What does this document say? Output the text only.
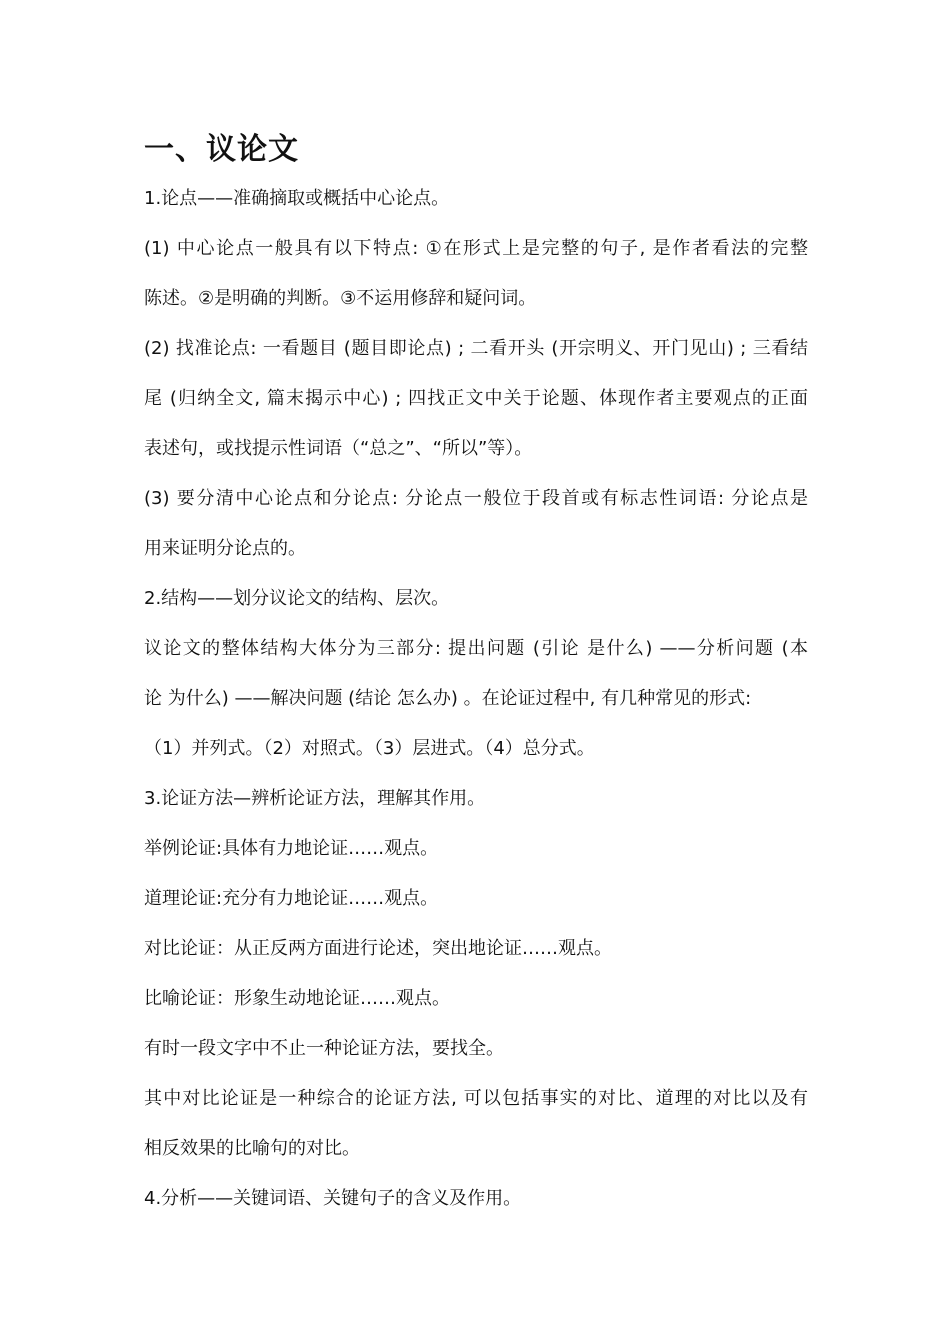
一、议论文
1.论点——准确摘取或概括中心论点。
(1) 中心论点一般具有以下特点: ①在形式上是完整的句子, 是作者看法的完整
陈述。②是明确的判断。③不运用修辞和疑问词。
(2) 找准论点: 一看题目 (题目即论点) ; 二看开头 (开宗明义、开门见山) ; 三看结
尾 (归纳全文, 篇末揭示中心) ; 四找正文中关于论题、体现作者主要观点的正面
表述句，或找提示性词语（“总之”、“所以”等）。
(3) 要分清中心论点和分论点: 分论点一般位于段首或有标志性词语: 分论点是
用来证明分论点的。
2.结构——划分议论文的结构、层次。
议论文的整体结构大体分为三部分: 提出问题 (引论 是什么) ——分析问题 (本
论 为什么) ——解决问题 (结论 怎么办) 。在论证过程中, 有几种常见的形式:
（1）并列式。（2）对照式。（3）层进式。（4）总分式。
3.论证方法—辨析论证方法，理解其作用。
举例论证:具体有力地论证……观点。
道理论证:充分有力地论证……观点。
对比论证：从正反两方面进行论述，突出地论证……观点。
比喻论证：形象生动地论证……观点。
有时一段文字中不止一种论证方法，要找全。
其中对比论证是一种综合的论证方法, 可以包括事实的对比、道理的对比以及有
相反效果的比喻句的对比。
4.分析——关键词语、关键句子的含义及作用。
